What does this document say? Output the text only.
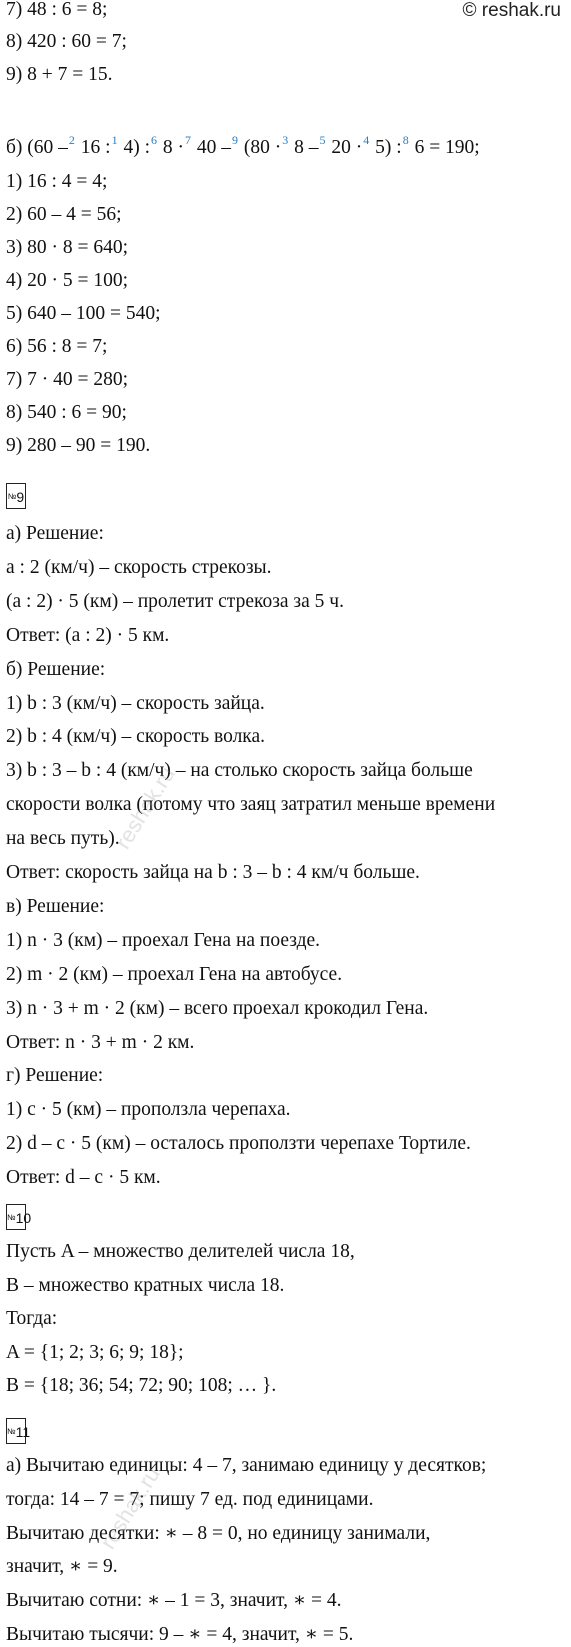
© reshak.ru
7) 48 : 6 = 8;
8) 420 : 60 = 7;
9) 8 + 7 = 15.
б) (60 –$^2$ 16 :$^1$ 4) :$^6$ 8 ·$^7$ 40 –$^9$ (80 ·$^3$ 8 –$^5$ 20 ·$^4$ 5) :$^8$ 6 = 190;
1) 16 : 4 = 4;
2) 60 – 4 = 56;
3) 80 · 8 = 640;
4) 20 · 5 = 100;
5) 640 – 100 = 540;
6) 56 : 8 = 7;
7) 7 · 40 = 280;
8) 540 : 6 = 90;
9) 280 – 90 = 190.
№9
а) Решение:
a : 2 (км/ч) – скорость стрекозы.
(a : 2) · 5 (км) – пролетит стрекоза за 5 ч.
Ответ: (a : 2) · 5 км.
б) Решение:
1) b : 3 (км/ч) – скорость зайца.
2) b : 4 (км/ч) – скорость волка.
3) b : 3 – b : 4 (км/ч) – на столько скорость зайца больше
скорости волка (потому что заяц затратил меньше времени
на весь путь).
Ответ: скорость зайца на b : 3 – b : 4 км/ч больше.
в) Решение:
1) n · 3 (км) – проехал Гена на поезде.
2) m · 2 (км) – проехал Гена на автобусе.
3) n · 3 + m · 2 (км) – всего проехал крокодил Гена.
Ответ: n · 3 + m · 2 км.
г) Решение:
1) c · 5 (км) – проползла черепаха.
2) d – c · 5 (км) – осталось проползти черепахе Тортиле.
Ответ: d – c · 5 км.
№10
Пусть A – множество делителей числа 18,
B – множество кратных числа 18.
Тогда:
A = {1; 2; 3; 6; 9; 18};
B = {18; 36; 54; 72; 90; 108; … }.
№11
а) Вычитаю единицы: 4 – 7, занимаю единицу у десятков;
тогда: 14 – 7 = 7; пишу 7 ед. под единицами.
Вычитаю десятки: ∗ – 8 = 0, но единицу занимали,
значит, ∗ = 9.
Вычитаю сотни: ∗ – 1 = 3, значит, ∗ = 4.
Вычитаю тысячи: 9 – ∗ = 4, значит, ∗ = 5.
reshak.ru
reshak.ru
